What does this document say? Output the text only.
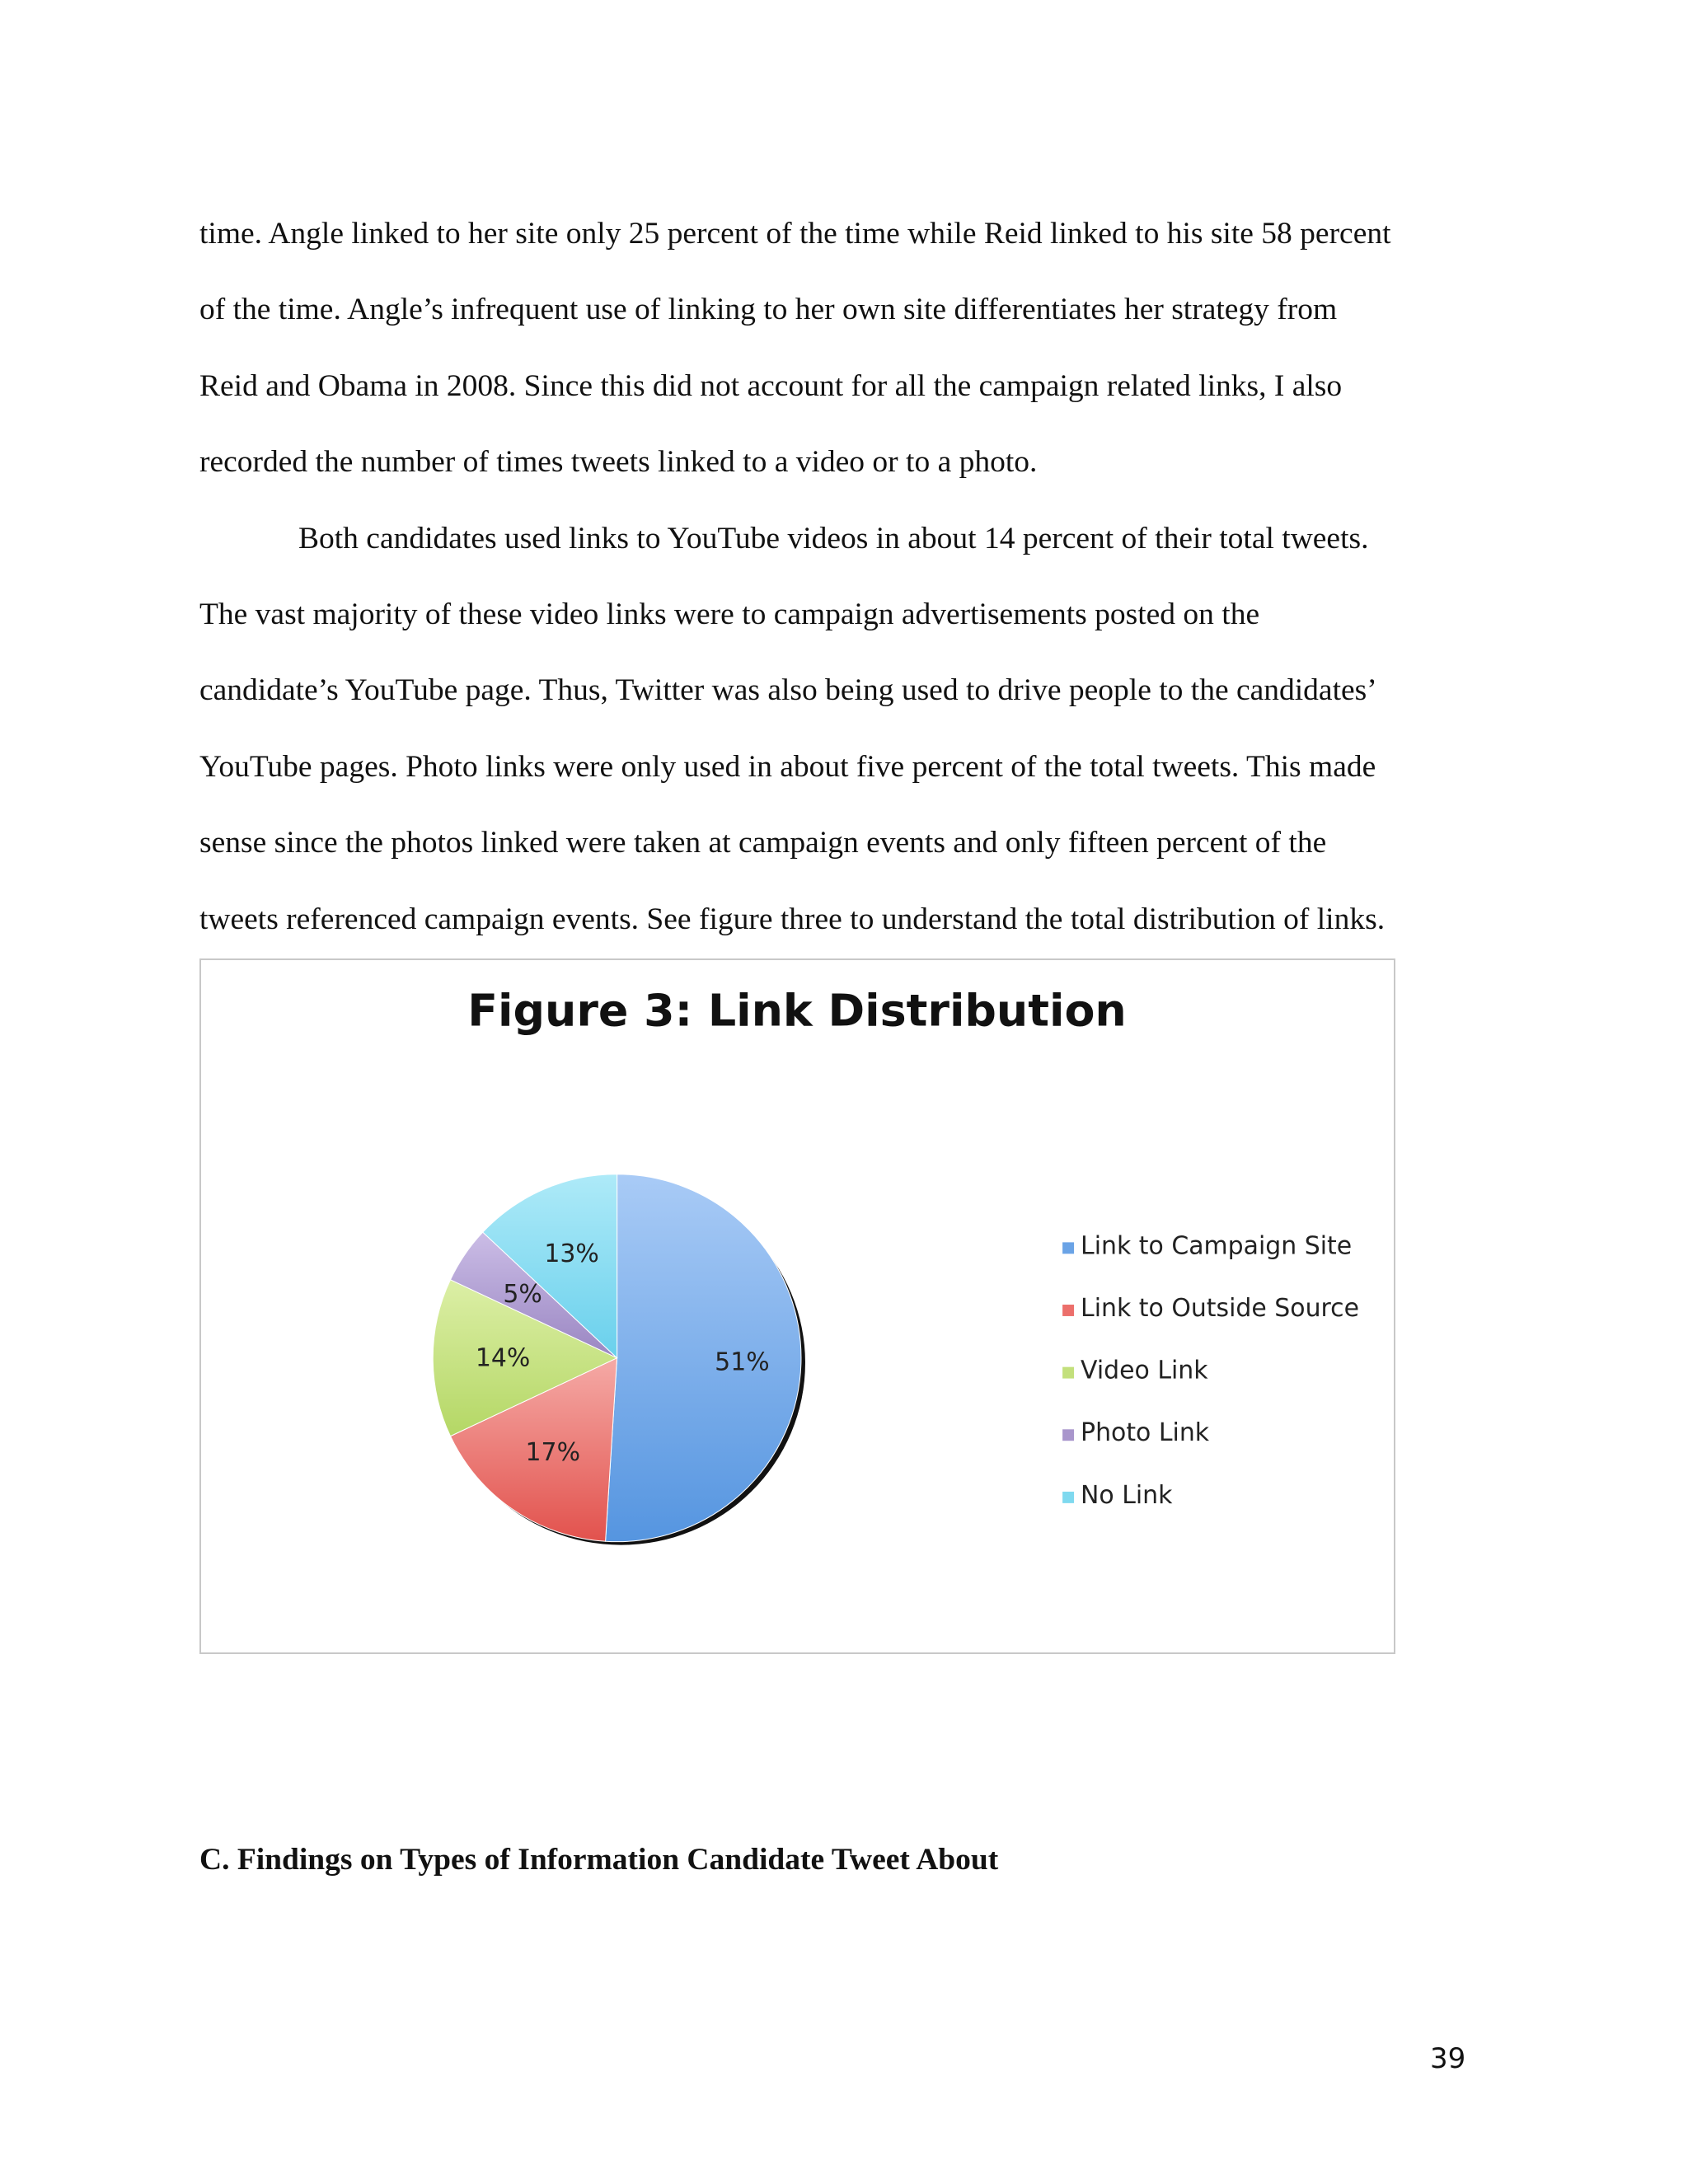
time. Angle linked to her site only 25 percent of the time while Reid linked to his site 58 percent
of the time. Angle’s infrequent use of linking to her own site differentiates her strategy from
Reid and Obama in 2008. Since this did not account for all the campaign related links, I also
recorded the number of times tweets linked to a video or to a photo.

Both candidates used links to YouTube videos in about 14 percent of their total tweets.
The vast majority of these video links were to campaign advertisements posted on the
candidate’s YouTube page. Thus, Twitter was also being used to drive people to the candidates’
YouTube pages. Photo links were only used in about five percent of the total tweets. This made
sense since the photos linked were taken at campaign events and only fifteen percent of the
tweets referenced campaign events. See figure three to understand the total distribution of links.

Figure 3: Link Distribution
51%
17%
14%
5%
13%	Link to Campaign Site
Link to Outside Source
Video Link
Photo Link
No Link
C. Findings on Types of Information Candidate Tweet About

39
